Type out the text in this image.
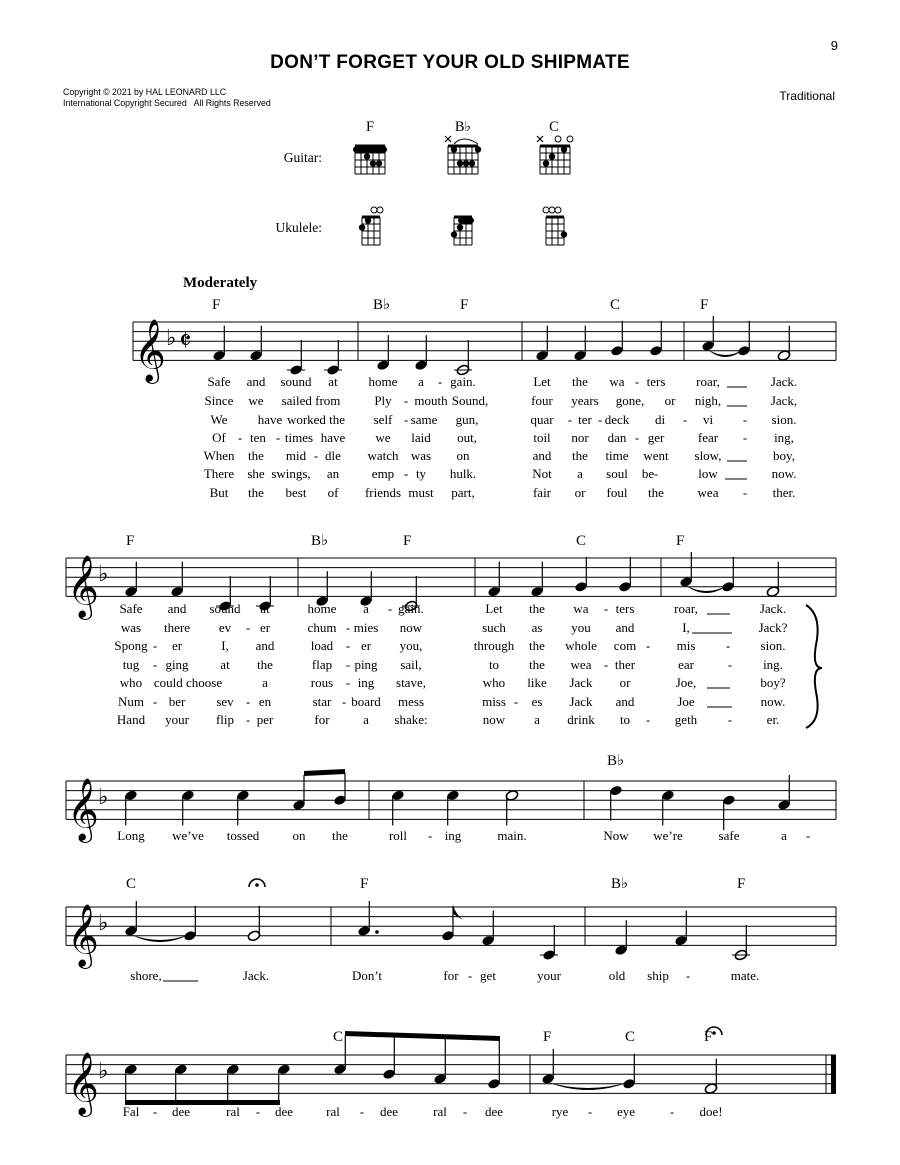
9
DON’T FORGET YOUR OLD SHIPMATE
Copyright © 2021 by HAL LEONARD LLC
International Copyright Secured   All Rights Reserved	Traditional
Guitar:
Ukulele:
F	B♭	C
Moderately
𝄞 ♭ 𝄵
F	B♭	F	C	F
Safe and sound at home a - gain.	Let the wa - ters roar,	Jack.
Since we sailed from	Ply - mouth Sound,	four years gone, or nigh,	Jack,
We have worked the self - same gun,	quar - ter - deck di - vi - sion.
Of - ten - times have we laid out,	toil nor dan - ger	fear - ing,
When the mid - dle watch was on	and the time went slow,	boy,
There she swings, an	emp - ty hulk.	Not a soul be -	low	now.
But the best of friends must part,	fair or foul the	wea - ther.
𝄞 ♭
F	B♭	F	C	F
Safe and sound at	home a - gain.	Let the wa - ters	roar,	Jack.
was there ev - er	chum - mies now	such as you and	I,	Jack?
Spong - er	I, and	load - er you,	through the whole com - mis - sion.
tug - ging at the	flap - ping sail,	to the wea - ther	ear	- ing.
who could choose	a	rous - ing stave,	who like Jack or	Joe,	boy?
Num - ber sev - en	star - board mess	miss - es Jack and	Joe	now.
Hand your flip - per	for	a shake:	now a drink to - geth -	er.
𝄞 ♭
B♭
Long we’ve tossed	on the	roll - ing	main.	Now we’re	safe	a -
𝄞 ♭
C	F	B♭	F
shore,	Jack.	Don’t	for - get	your	old ship -	mate.
𝄞 ♭
C	F	C	F
Fal - dee	ral - dee	ral - dee	ral - dee	rye - eye	- doe!
